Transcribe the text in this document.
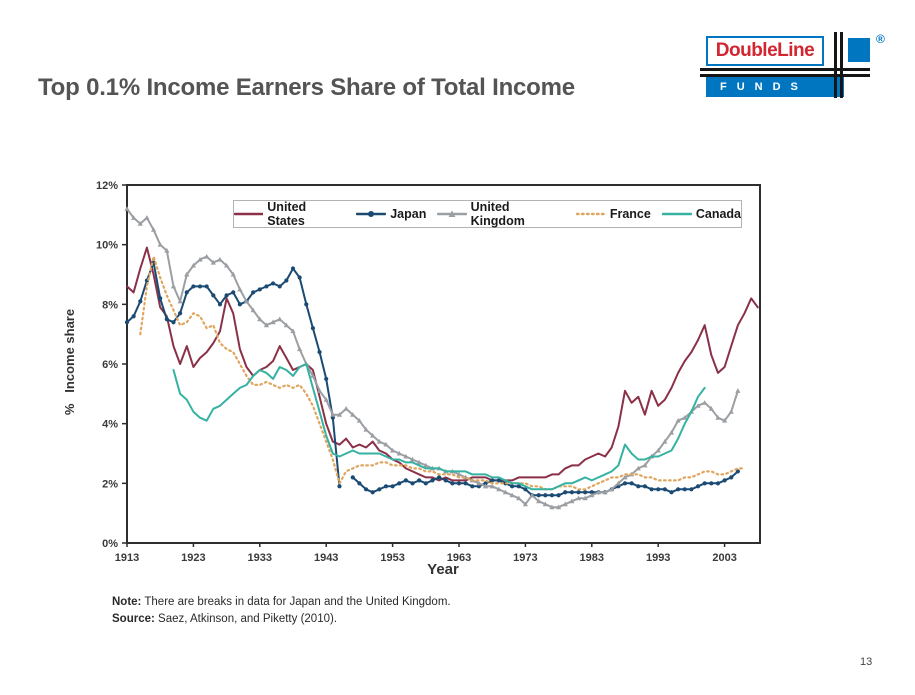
DoubleLine
FUNDS
®
Top 0.1% Income Earners Share of Total Income
Year
0%
2%
4%
6%
8%
10%
12%
1913	1923	1933	1943	1953	1963	1973	1983	1993	2003
%   Income share
United States	Japan	United Kingdom	France	Canada
Note: There are breaks in data for Japan and the United Kingdom.
Source: Saez, Atkinson, and Piketty (2010).
13
